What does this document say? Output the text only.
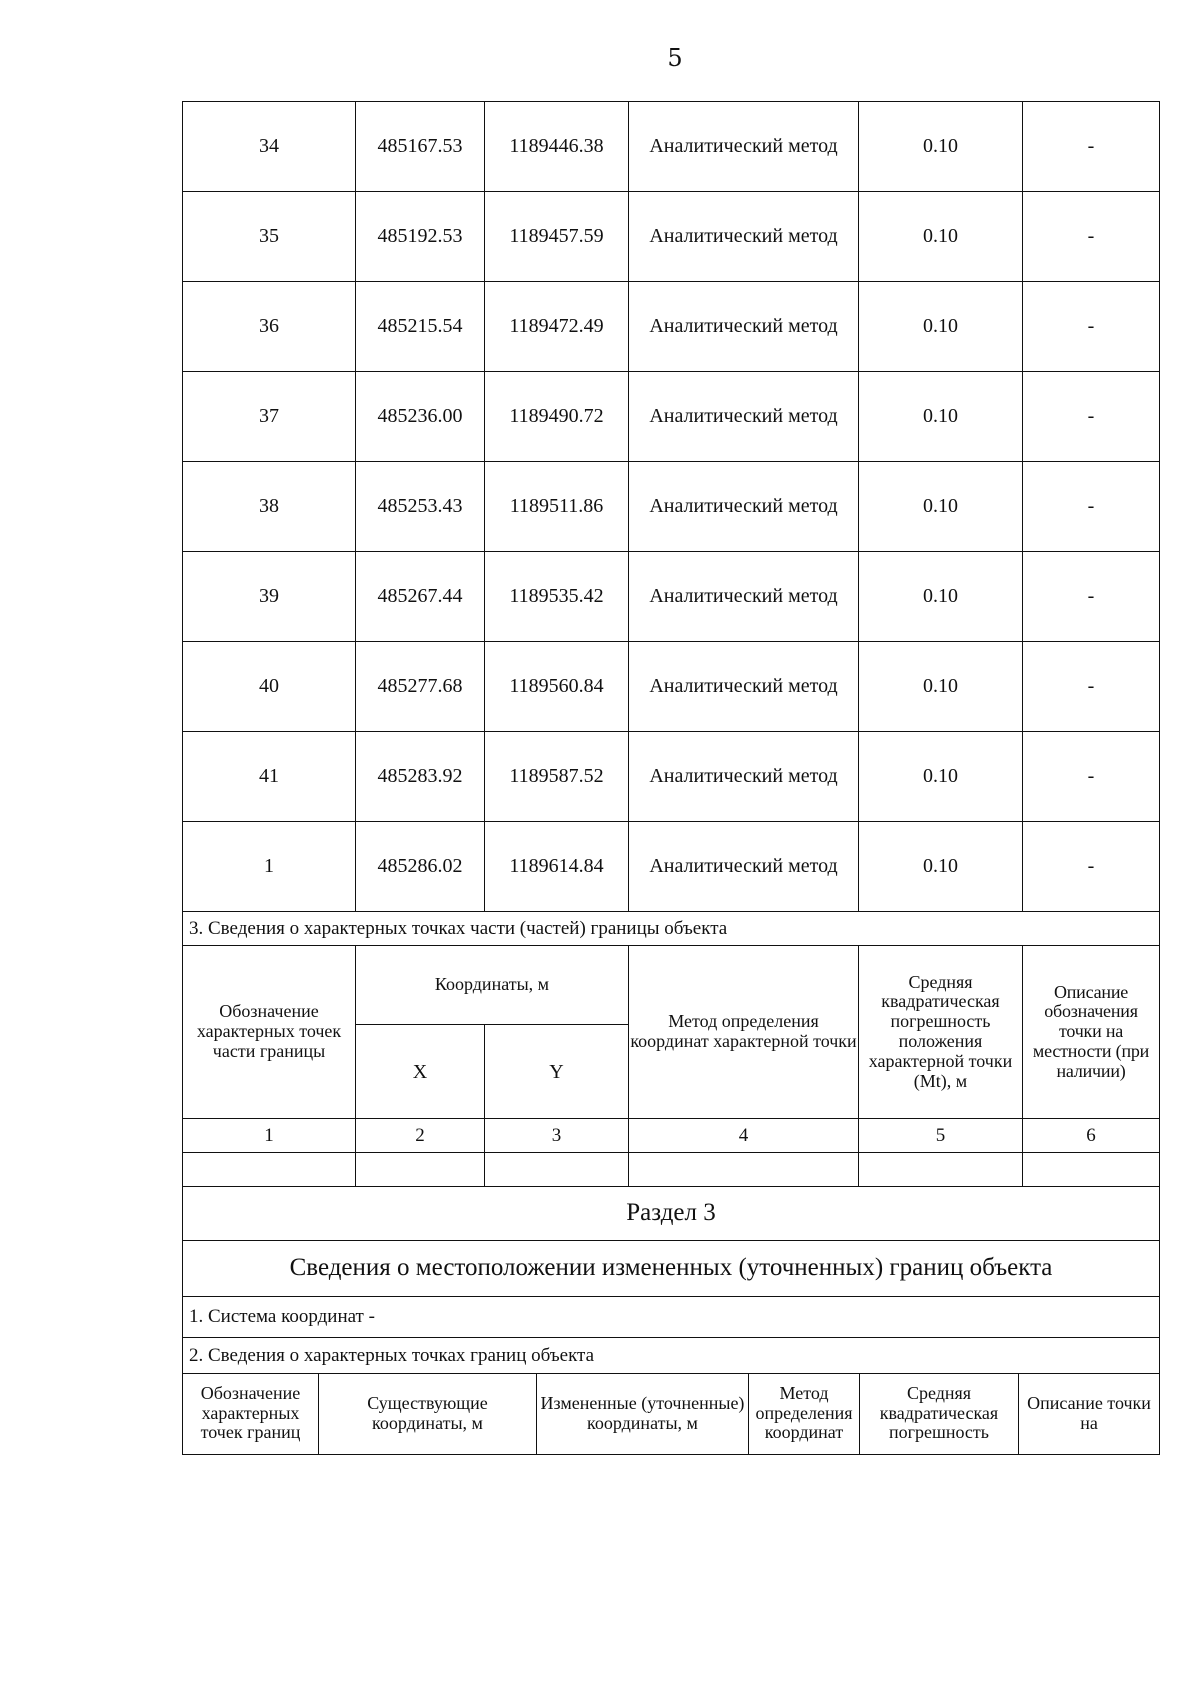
5
34	485167.53	1189446.38	Аналитический метод	0.10	-
35	485192.53	1189457.59	Аналитический метод	0.10	-
36	485215.54	1189472.49	Аналитический метод	0.10	-
37	485236.00	1189490.72	Аналитический метод	0.10	-
38	485253.43	1189511.86	Аналитический метод	0.10	-
39	485267.44	1189535.42	Аналитический метод	0.10	-
40	485277.68	1189560.84	Аналитический метод	0.10	-
41	485283.92	1189587.52	Аналитический метод	0.10	-
1	485286.02	1189614.84	Аналитический метод	0.10	-
3. Сведения о характерных точках части (частей) границы объекта					
Обозначение характерных точек части границы	Координаты, м		Метод определения координат характерной точки	Средняя квадратическая погрешность положения характерной точки (Mt), м	Описание обозначения точки на местности (при наличии)
	X	Y			
1	2	3	4	5	6

Раздел 3					
Сведения о местоположении измененных (уточненных) границ объекта					
1. Система координат -					
2. Сведения о характерных точках границ объекта					
Обозначение характерных точек границ	Существующие координаты, м	Измененные (уточненные) координаты, м	Метод определения координат	Средняя квадратическая погрешность	Описание точки на
